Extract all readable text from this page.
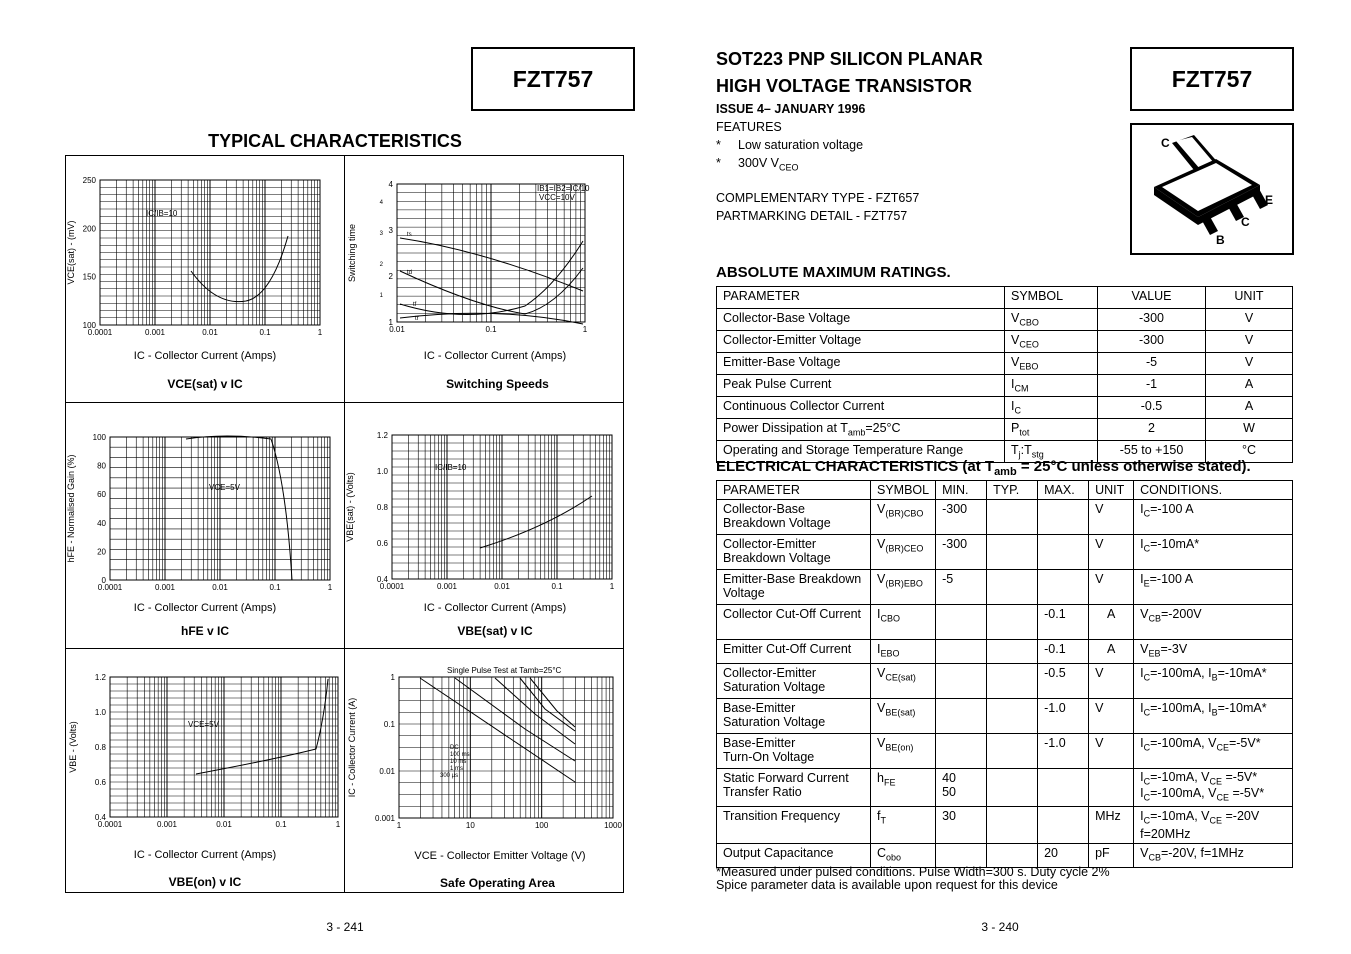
FZT757
TYPICAL CHARACTERISTICS
0.0001	0.001	0.01	0.1	1
250
200
150
100
VCE(sat) - (mV)
IC/IB=10
0.01	0.1	1
4
3
2
1
Switching time
4
3
2
1
IB1=IB2=IC/10
VCC=10V
ts
td
tf
tr
0.0001	0.001	0.01	0.1	1
100
80
60
40
20
0
hFE - Normalised Gain (%)	VCE=5V
0.0001	0.001	0.01	0.1	1
1.2
1.0
0.8
0.6
0.4
VBE(sat) - (Volts)
IC/IB=10
0.0001	0.001	0.01	0.1	1
1.2
1.0
0.8
0.6
0.4
VBE - (Volts)	VCE=5V
1	10	100	1000
1
0.1
0.01
0.001
IC - Collector Current (A)
Single Pulse Test at Tamb=25°C
DC
100 ms
10 ms
1 ms
300 µs
IC - Collector Current (Amps)
VCE(sat) v IC
IC - Collector Current (Amps)
Switching Speeds
IC - Collector Current (Amps)
hFE v IC
IC - Collector Current (Amps)
VBE(sat) v IC
IC - Collector Current (Amps)
VBE(on) v IC
VCE - Collector Emitter Voltage (V)
Safe Operating Area
3 - 241
SOT223 PNP SILICON PLANAR
HIGH VOLTAGE TRANSISTOR	FZT757
ISSUE 4– JANUARY 1996
FEATURES
* Low saturation voltage
* 300V $V_{CEO}$
COMPLEMENTARY TYPE - FZT657
PARTMARKING DETAIL - FZT757
C
E
C
B
ABSOLUTE MAXIMUM RATINGS.
PARAMETER	SYMBOL	VALUE	UNIT
Collector-Base Voltage	$V_{CBO}$	-300	V
Collector-Emitter Voltage	$V_{CEO}$	-300	V
Emitter-Base Voltage	$V_{EBO}$	-5	V
Peak Pulse Current	$I_{CM}$	-1	A
Continuous Collector Current	$I_C$	-0.5	A
Power Dissipation at $T_{amb}=25^\circ C$	$P_{tot}$	2	W
Operating and Storage Temperature Range	$T_j:T_{stg}$	-55 to +150	°C
ELECTRICAL CHARACTERISTICS (at $T_{amb} = 25^\circ C$ unless otherwise stated).
PARAMETER	SYMBOL	MIN.	TYP.	MAX.	UNIT	CONDITIONS.
Collector-Base
Breakdown Voltage	$V_{(BR)CBO}$	-300			V	$I_C=-100$ A
Collector-Emitter
Breakdown Voltage	$V_{(BR)CEO}$	-300			V	$I_C=-10mA*$
Emitter-Base Breakdown
Voltage	$V_{(BR)EBO}$	-5			V	$I_E=-100$ A
Collector Cut-Off Current	$I_{CBO}$			-0.1	A	$V_{CB}=-200V$
Emitter Cut-Off Current	$I_{EBO}$			-0.1	A	$V_{EB}=-3V$
Collector-Emitter
Saturation Voltage	$V_{CE(sat)}$			-0.5	V	$I_C=-100mA$, $I_B=-10mA*$
Base-Emitter
Saturation Voltage	$V_{BE(sat)}$			-1.0	V	$I_C=-100mA$, $I_B=-10mA*$
Base-Emitter
Turn-On Voltage	$V_{BE(on)}$			-1.0	V	$I_C=-100mA$, $V_{CE}=-5V*$
Static Forward Current
Transfer Ratio	$h_{FE}$	40
50				$I_C=-10mA$, $V_{CE} =-5V*$
$I_C=-100mA$, $V_{CE} =-5V*$
Transition Frequency	$f_T$	30			MHz	$I_C=-10mA$, $V_{CE} =-20V$
f=20MHz
Output Capacitance	$C_{obo}$			20	pF	$V_{CB}=-20V$, f=1MHz
*Measured under pulsed conditions. Pulse Width=300 s. Duty cycle 2%
Spice parameter data is available upon request for this device
3 - 240
